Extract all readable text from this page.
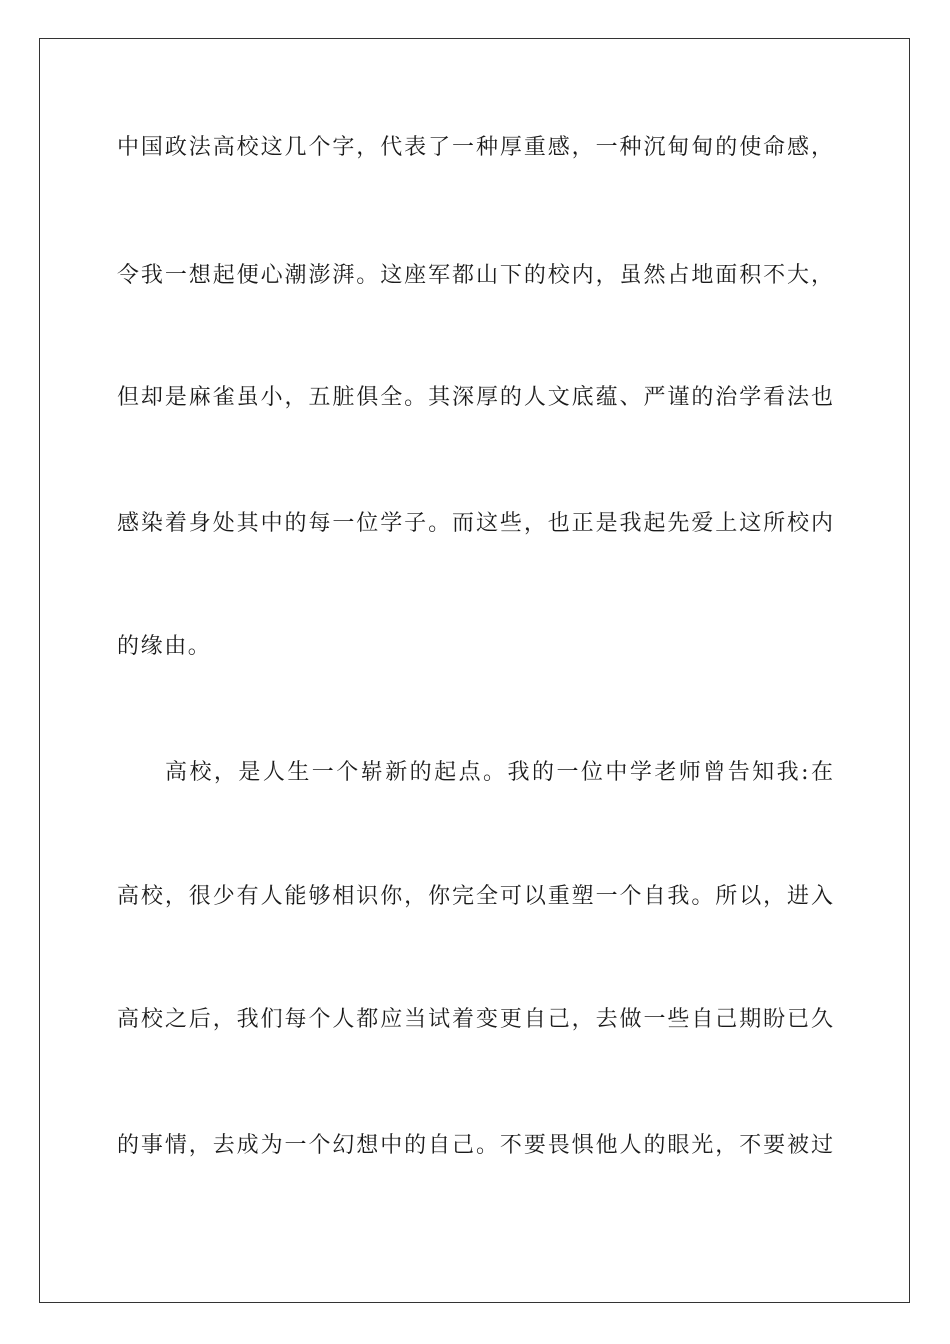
中国政法高校这几个字，代表了一种厚重感，一种沉甸甸的使命感，
令我一想起便心潮澎湃。这座军都山下的校内，虽然占地面积不大，
但却是麻雀虽小，五脏俱全。其深厚的人文底蕴、严谨的治学看法也
感染着身处其中的每一位学子。而这些，也正是我起先爱上这所校内
的缘由。
高校，是人生一个崭新的起点。我的一位中学老师曾告知我:在
高校，很少有人能够相识你，你完全可以重塑一个自我。所以，进入
高校之后，我们每个人都应当试着变更自己，去做一些自己期盼已久
的事情，去成为一个幻想中的自己。不要畏惧他人的眼光，不要被过
